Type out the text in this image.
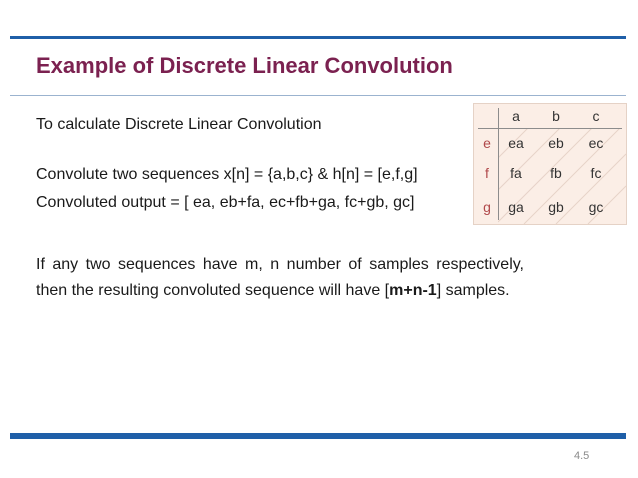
Example of Discrete Linear Convolution
To calculate Discrete Linear Convolution
Convolute two sequences x[n] = {a,b,c} & h[n] = [e,f,g]
Convoluted output = [ ea, eb+fa, ec+fb+ga, fc+gb, gc]
If any two sequences have m, n number of samples respectively, then the resulting convoluted sequence will have [m+n-1] samples.
a b c
e
f
g
ea eb ec
fa fb fc
ga gb gc
4.5
